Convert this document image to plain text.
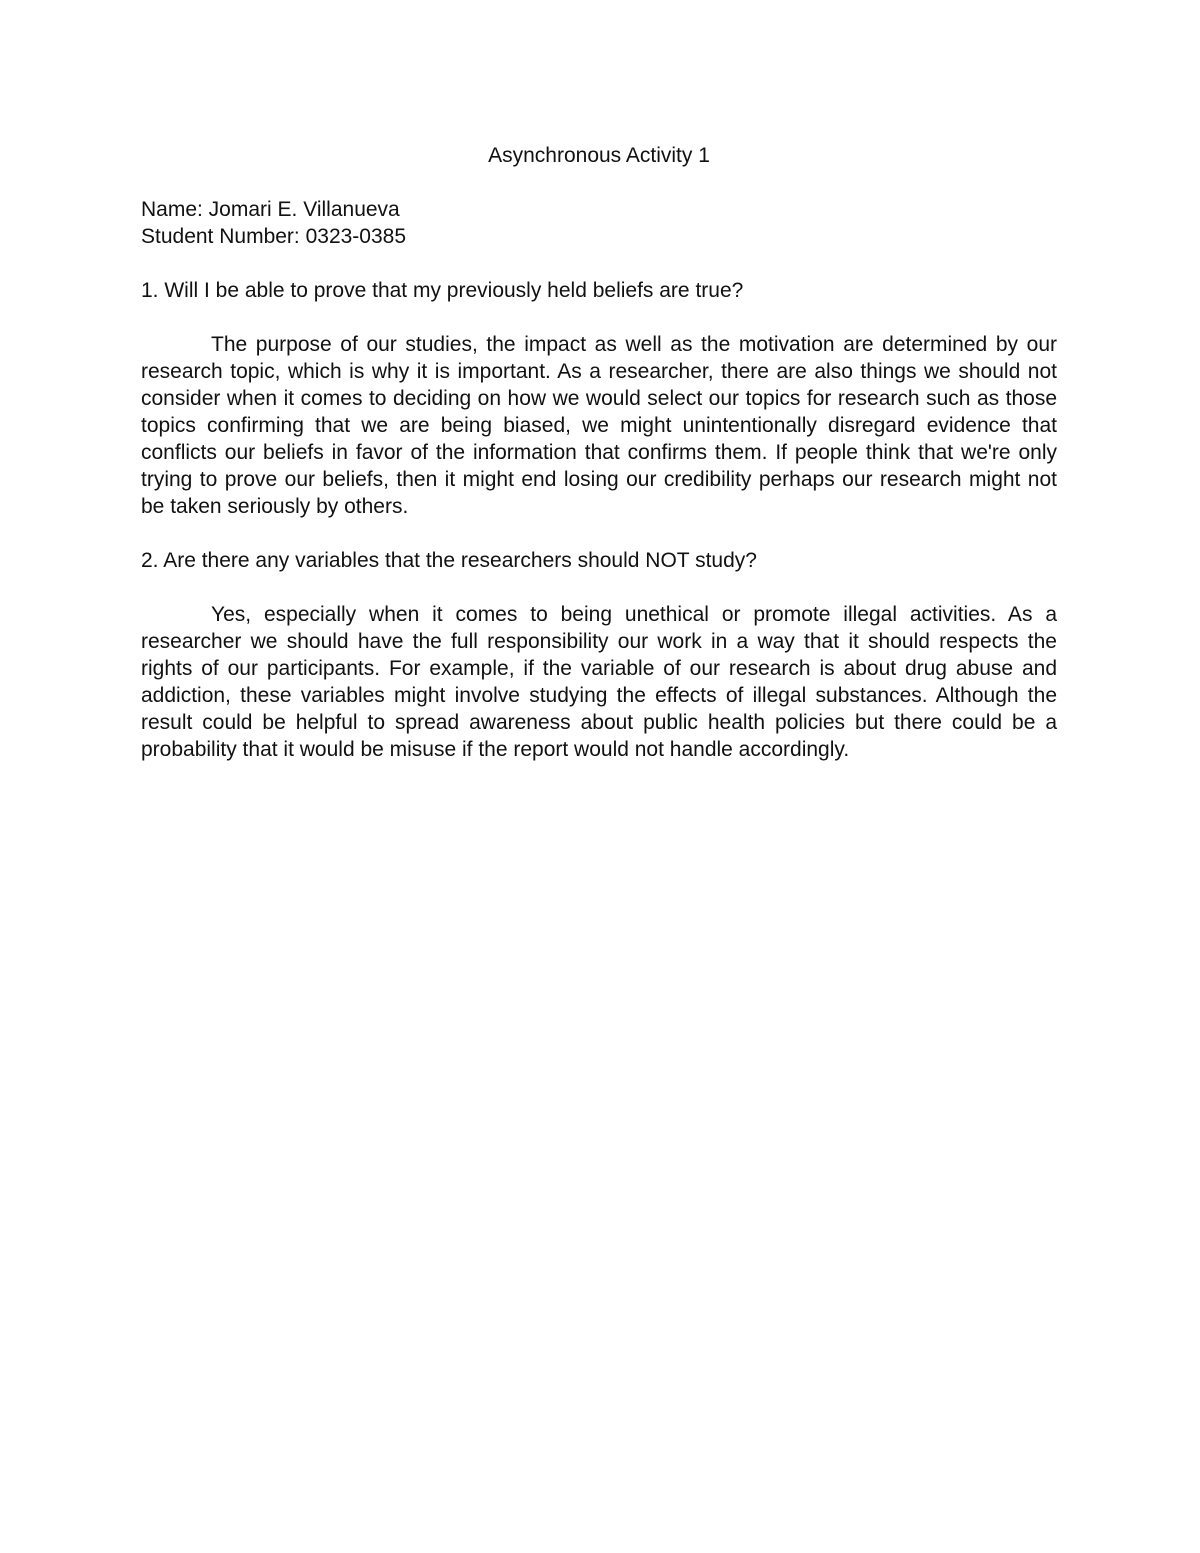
Asynchronous Activity 1

Name: Jomari E. Villanueva

Student Number: 0323-0385

1. Will I be able to prove that my previously held beliefs are true?

The purpose of our studies, the impact as well as the motivation are determined by our research topic, which is why it is important. As a researcher, there are also things we should not consider when it comes to deciding on how we would select our topics for research such as those topics confirming that we are being biased, we might unintentionally disregard evidence that conflicts our beliefs in favor of the information that confirms them. If people think that we're only trying to prove our beliefs, then it might end losing our credibility perhaps our research might not be taken seriously by others.

2. Are there any variables that the researchers should NOT study?

Yes, especially when it comes to being unethical or promote illegal activities. As a researcher we should have the full responsibility our work in a way that it should respects the rights of our participants. For example, if the variable of our research is about drug abuse and addiction, these variables might involve studying the effects of illegal substances. Although the result could be helpful to spread awareness about public health policies but there could be a probability that it would be misuse if the report would not handle accordingly.
